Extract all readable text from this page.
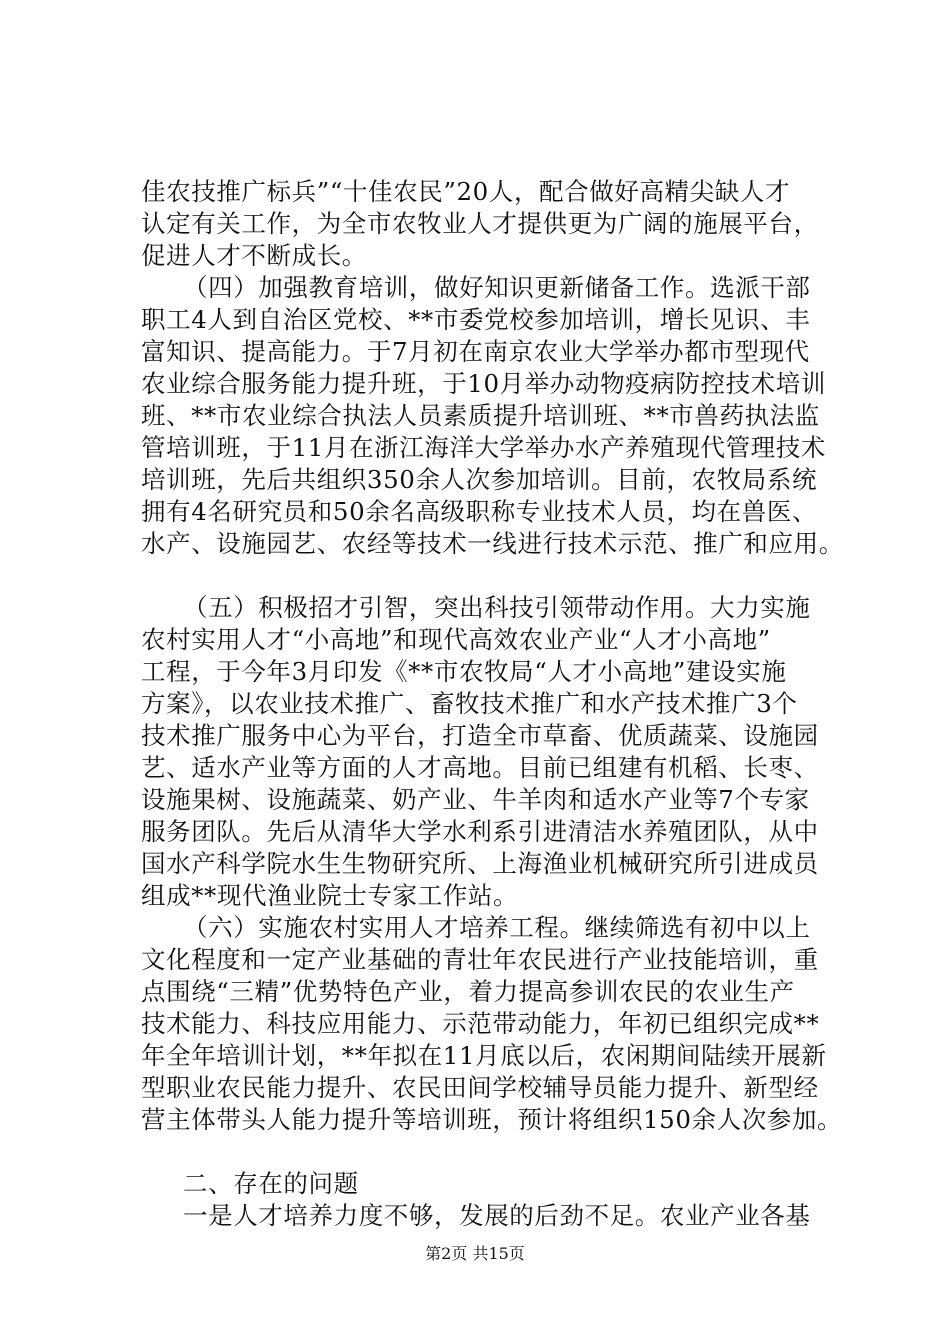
佳农技推广标兵”“十佳农民”20人，配合做好高精尖缺人才
认定有关工作，为全市农牧业人才提供更为广阔的施展平台，
促进人才不断成长。
（四）加强教育培训，做好知识更新储备工作。选派干部
职工4人到自治区党校、**市委党校参加培训，增长见识、丰
富知识、提高能力。于7月初在南京农业大学举办都市型现代
农业综合服务能力提升班，于10月举办动物疫病防控技术培训
班、**市农业综合执法人员素质提升培训班、**市兽药执法监
管培训班，于11月在浙江海洋大学举办水产养殖现代管理技术
培训班，先后共组织350余人次参加培训。目前，农牧局系统
拥有4名研究员和50余名高级职称专业技术人员，均在兽医、
水产、设施园艺、农经等技术一线进行技术示范、推广和应用。
（五）积极招才引智，突出科技引领带动作用。大力实施
农村实用人才“小高地”和现代高效农业产业“人才小高地”
工程，于今年3月印发《**市农牧局“人才小高地”建设实施
方案》，以农业技术推广、畜牧技术推广和水产技术推广3个
技术推广服务中心为平台，打造全市草畜、优质蔬菜、设施园
艺、适水产业等方面的人才高地。目前已组建有机稻、长枣、
设施果树、设施蔬菜、奶产业、牛羊肉和适水产业等7个专家
服务团队。先后从清华大学水利系引进清洁水养殖团队，从中
国水产科学院水生生物研究所、上海渔业机械研究所引进成员
组成**现代渔业院士专家工作站。
（六）实施农村实用人才培养工程。继续筛选有初中以上
文化程度和一定产业基础的青壮年农民进行产业技能培训，重
点围绕“三精”优势特色产业，着力提高参训农民的农业生产
技术能力、科技应用能力、示范带动能力，年初已组织完成**
年全年培训计划，**年拟在11月底以后，农闲期间陆续开展新
型职业农民能力提升、农民田间学校辅导员能力提升、新型经
营主体带头人能力提升等培训班，预计将组织150余人次参加。
二、存在的问题
一是人才培养力度不够，发展的后劲不足。农业产业各基
第2页 共15页
